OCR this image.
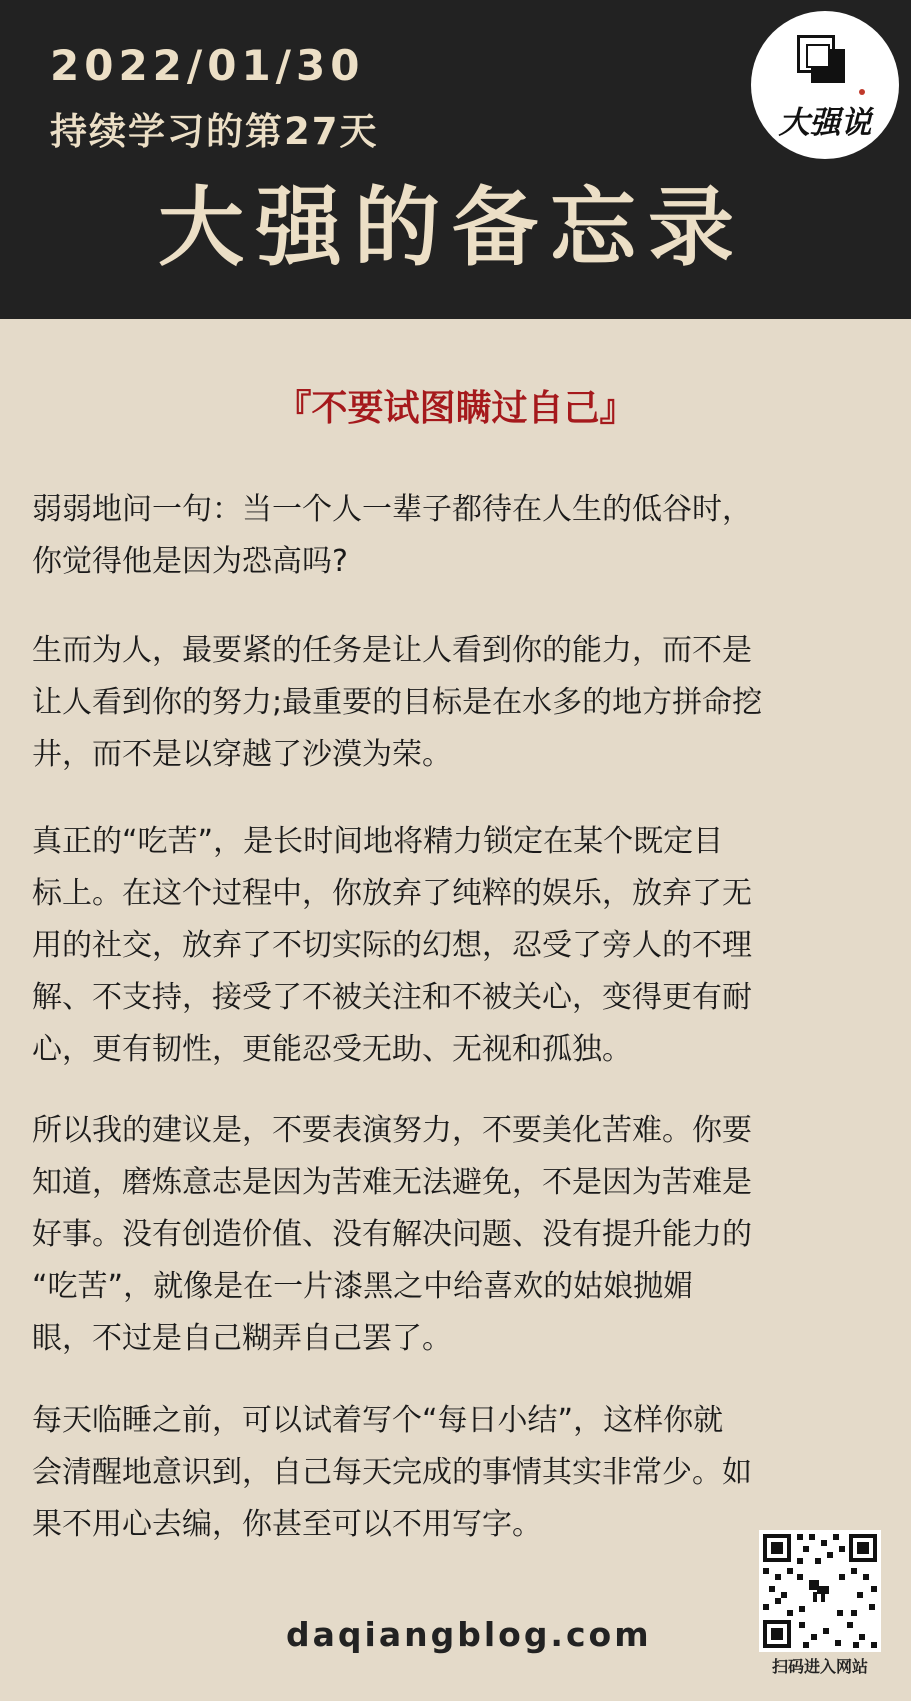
2022/01/30
持续学习的第27天
大强的备忘录
大强说
『不要试图瞒过自己』
弱弱地问一句：当一个人一辈子都待在人生的低谷时，
你觉得他是因为恐高吗?
生而为人，最要紧的任务是让人看到你的能力，而不是
让人看到你的努力;最重要的目标是在水多的地方拼命挖
井，而不是以穿越了沙漠为荣。
真正的“吃苦”，是长时间地将精力锁定在某个既定目
标上。在这个过程中，你放弃了纯粹的娱乐，放弃了无
用的社交，放弃了不切实际的幻想，忍受了旁人的不理
解、不支持，接受了不被关注和不被关心，变得更有耐
心，更有韧性，更能忍受无助、无视和孤独。
所以我的建议是，不要表演努力，不要美化苦难。你要
知道，磨炼意志是因为苦难无法避免，不是因为苦难是
好事。没有创造价值、没有解决问题、没有提升能力的
“吃苦”，就像是在一片漆黑之中给喜欢的姑娘抛媚
眼，不过是自己糊弄自己罢了。
每天临睡之前，可以试着写个“每日小结”，这样你就
会清醒地意识到，自己每天完成的事情其实非常少。如
果不用心去编，你甚至可以不用写字。
daqiangblog.com
扫码进入网站
